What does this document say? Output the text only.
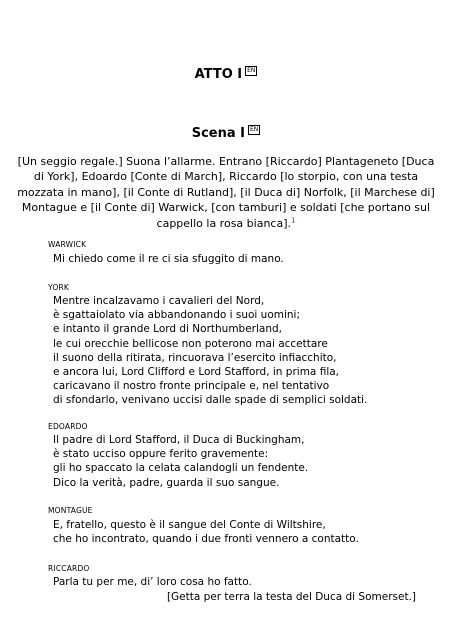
ATTO I EN
Scena I EN
[Un seggio regale.] Suona l’allarme. Entrano [Riccardo] Plantageneto [Duca di York], Edoardo [Conte di March], Riccardo [lo storpio, con una testa mozzata in mano], [il Conte di Rutland], [il Duca di] Norfolk, [il Marchese di] Montague e [il Conte di] Warwick, [con tamburi] e soldati [che portano sul cappello la rosa bianca].$^1$
WARWICK
Mi chiedo come il re ci sia sfuggito di mano.
YORK
Mentre incalzavamo i cavalieri del Nord,
è sgattaiolato via abbandonando i suoi uomini;
e intanto il grande Lord di Northumberland,
le cui orecchie bellicose non poterono mai accettare
il suono della ritirata, rincuorava l’esercito infiacchito,
e ancora lui, Lord Clifford e Lord Stafford, in prima fila,
caricavano il nostro fronte principale e, nel tentativo
di sfondarlo, venivano uccisi dalle spade di semplici soldati.
EDOARDO
Il padre di Lord Stafford, il Duca di Buckingham,
è stato ucciso oppure ferito gravemente:
gli ho spaccato la celata calandogli un fendente.
Dico la verità, padre, guarda il suo sangue.
MONTAGUE
E, fratello, questo è il sangue del Conte di Wiltshire,
che ho incontrato, quando i due fronti vennero a contatto.
RICCARDO
Parla tu per me, di’ loro cosa ho fatto.
[Getta per terra la testa del Duca di Somerset.]
